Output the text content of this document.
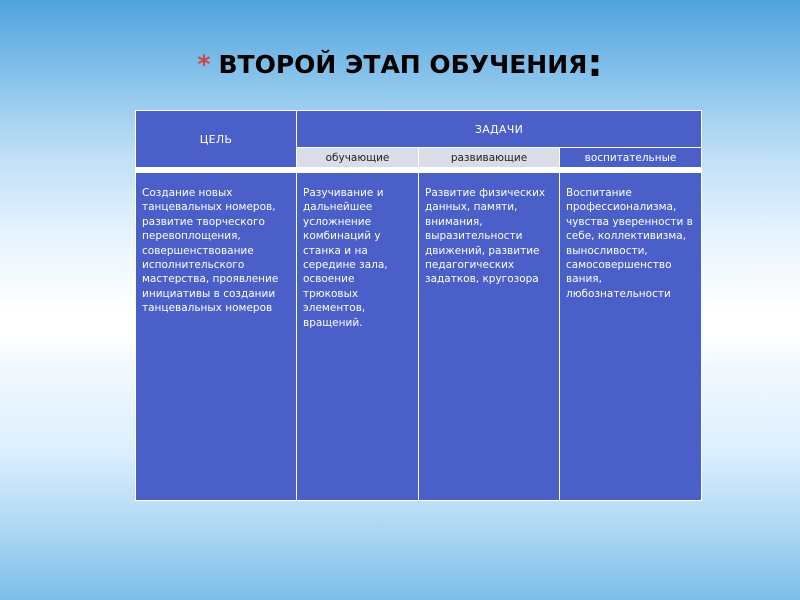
* ВТОРОЙ ЭТАП ОБУЧЕНИЯ:
ЦЕЛЬ	ЗАДАЧИ		
	обучающие	развивающие	воспитательные

Создание новых танцевальных номеров, развитие творческого перевоплощения, совершенствование исполнительского мастерства, проявление инициативы в создании танцевальных номеров	Разучивание и дальнейшее усложнение комбинаций у станка и на середине зала, освоение трюковых элементов, вращений.	Развитие физических данных, памяти, внимания, выразительности движений, развитие педагогических задатков, кругозора	Воспитание профессионализма, чувства уверенности в себе, коллективизма, выносливости, самосовершенство вания, любознательности
